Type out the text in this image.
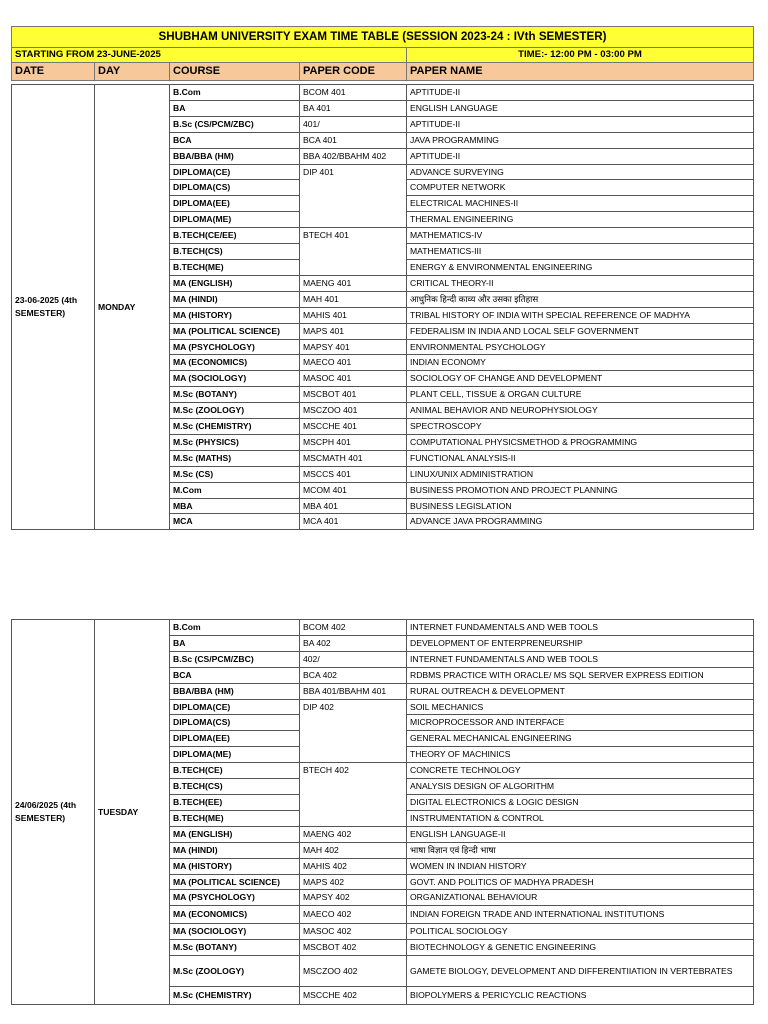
SHUBHAM UNIVERSITY EXAM TIME TABLE (SESSION 2023-24 : IVth SEMESTER)				
STARTING FROM 23-JUNE-2025				TIME:- 12:00 PM - 03:00 PM
DATE	DAY	COURSE	PAPER CODE	PAPER NAME
23-06-2025 (4th SEMESTER)	MONDAY	B.Com	BCOM 401	APTITUDE-II
		BA	BA 401	ENGLISH LANGUAGE
		B.Sc (CS/PCM/ZBC)	401/	APTITUDE-II
		BCA	BCA 401	JAVA PROGRAMMING
		BBA/BBA (HM)	BBA 402/BBAHM 402	APTITUDE-II
		DIPLOMA(CE)	DIP 401	ADVANCE SURVEYING
		DIPLOMA(CS)		COMPUTER NETWORK
		DIPLOMA(EE)		ELECTRICAL MACHINES-II
		DIPLOMA(ME)		THERMAL ENGINEERING
		B.TECH(CE/EE)	BTECH 401	MATHEMATICS-IV
		B.TECH(CS)		MATHEMATICS-III
		B.TECH(ME)		ENERGY & ENVIRONMENTAL ENGINEERING
		MA (ENGLISH)	MAENG 401	CRITICAL THEORY-II
		MA (HINDI)	MAH 401	आधुनिक हिन्दी काव्य और उसका इतिहास
		MA (HISTORY)	MAHIS 401	TRIBAL HISTORY OF INDIA WITH SPECIAL REFERENCE OF MADHYA
		MA (POLITICAL SCIENCE)	MAPS 401	FEDERALISM IN INDIA AND LOCAL SELF GOVERNMENT
		MA (PSYCHOLOGY)	MAPSY 401	ENVIRONMENTAL PSYCHOLOGY
		MA (ECONOMICS)	MAECO 401	INDIAN ECONOMY
		MA (SOCIOLOGY)	MASOC 401	SOCIOLOGY OF CHANGE AND DEVELOPMENT
		M.Sc (BOTANY)	MSCBOT 401	PLANT CELL, TISSUE & ORGAN CULTURE
		M.Sc (ZOOLOGY)	MSCZOO 401	ANIMAL BEHAVIOR AND NEUROPHYSIOLOGY
		M.Sc (CHEMISTRY)	MSCCHE 401	SPECTROSCOPY
		M.Sc (PHYSICS)	MSCPH 401	COMPUTATIONAL PHYSICSMETHOD & PROGRAMMING
		M.Sc (MATHS)	MSCMATH 401	FUNCTIONAL ANALYSIS-II
		M.Sc (CS)	MSCCS 401	LINUX/UNIX ADMINISTRATION
		M.Com	MCOM 401	BUSINESS PROMOTION AND PROJECT PLANNING
		MBA	MBA 401	BUSINESS LEGISLATION
		MCA	MCA 401	ADVANCE JAVA PROGRAMMING
24/06/2025 (4th SEMESTER)	TUESDAY	B.Com	BCOM 402	INTERNET FUNDAMENTALS AND WEB TOOLS
		BA	BA 402	DEVELOPMENT OF ENTERPRENEURSHIP
		B.Sc (CS/PCM/ZBC)	402/	INTERNET FUNDAMENTALS AND WEB TOOLS
		BCA	BCA 402	RDBMS PRACTICE WITH ORACLE/ MS SQL SERVER EXPRESS EDITION
		BBA/BBA (HM)	BBA 401/BBAHM 401	RURAL OUTREACH & DEVELOPMENT
		DIPLOMA(CE)	DIP 402	SOIL MECHANICS
		DIPLOMA(CS)		MICROPROCESSOR AND INTERFACE
		DIPLOMA(EE)		GENERAL MECHANICAL ENGINEERING
		DIPLOMA(ME)		THEORY OF MACHINICS
		B.TECH(CE)	BTECH 402	CONCRETE TECHNOLOGY
		B.TECH(CS)		ANALYSIS DESIGN OF ALGORITHM
		B.TECH(EE)		DIGITAL ELECTRONICS & LOGIC DESIGN
		B.TECH(ME)		INSTRUMENTATION & CONTROL
		MA (ENGLISH)	MAENG 402	ENGLISH LANGUAGE-II
		MA (HINDI)	MAH 402	भाषा विज्ञान एवं हिन्दी भाषा
		MA (HISTORY)	MAHIS 402	WOMEN IN INDIAN HISTORY
		MA (POLITICAL SCIENCE)	MAPS 402	GOVT. AND POLITICS OF MADHYA PRADESH
		MA (PSYCHOLOGY)	MAPSY 402	ORGANIZATIONAL BEHAVIOUR
		MA (ECONOMICS)	MAECO 402	INDIAN FOREIGN TRADE AND INTERNATIONAL INSTITUTIONS
		MA (SOCIOLOGY)	MASOC 402	POLITICAL SOCIOLOGY
		M.Sc (BOTANY)	MSCBOT 402	BIOTECHNOLOGY & GENETIC ENGINEERING
		M.Sc (ZOOLOGY)	MSCZOO 402	GAMETE BIOLOGY, DEVELOPMENT AND DIFFERENTIIATION IN VERTEBRATES
		M.Sc (CHEMISTRY)	MSCCHE 402	BIOPOLYMERS & PERICYCLIC REACTIONS
